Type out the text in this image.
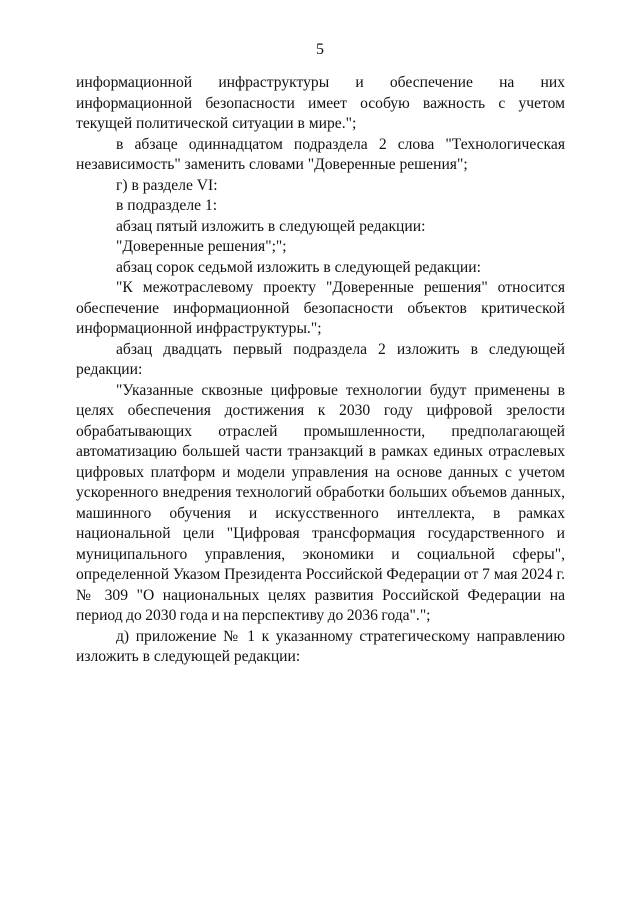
5

информационной инфраструктуры и обеспечение на них информационной безопасности имеет особую важность с учетом текущей политической ситуации в мире.";

в абзаце одиннадцатом подраздела 2 слова "Технологическая независимость" заменить словами "Доверенные решения";

г) в разделе VI:

в подразделе 1:

абзац пятый изложить в следующей редакции:

"Доверенные решения";";

абзац сорок седьмой изложить в следующей редакции:

"К межотраслевому проекту "Доверенные решения" относится обеспечение информационной безопасности объектов критической информационной инфраструктуры.";

абзац двадцать первый подраздела 2 изложить в следующей редакции:

"Указанные сквозные цифровые технологии будут применены в целях обеспечения достижения к 2030 году цифровой зрелости обрабатывающих отраслей промышленности, предполагающей автоматизацию большей части транзакций в рамках единых отраслевых цифровых платформ и модели управления на основе данных с учетом ускоренного внедрения технологий обработки больших объемов данных, машинного обучения и искусственного интеллекта, в рамках национальной цели "Цифровая трансформация государственного и муниципального управления, экономики и социальной сферы", определенной Указом Президента Российской Федерации от 7 мая 2024 г. № 309 "О национальных целях развития Российской Федерации на период до 2030 года и на перспективу до 2036 года".";

д) приложение № 1 к указанному стратегическому направлению изложить в следующей редакции:
